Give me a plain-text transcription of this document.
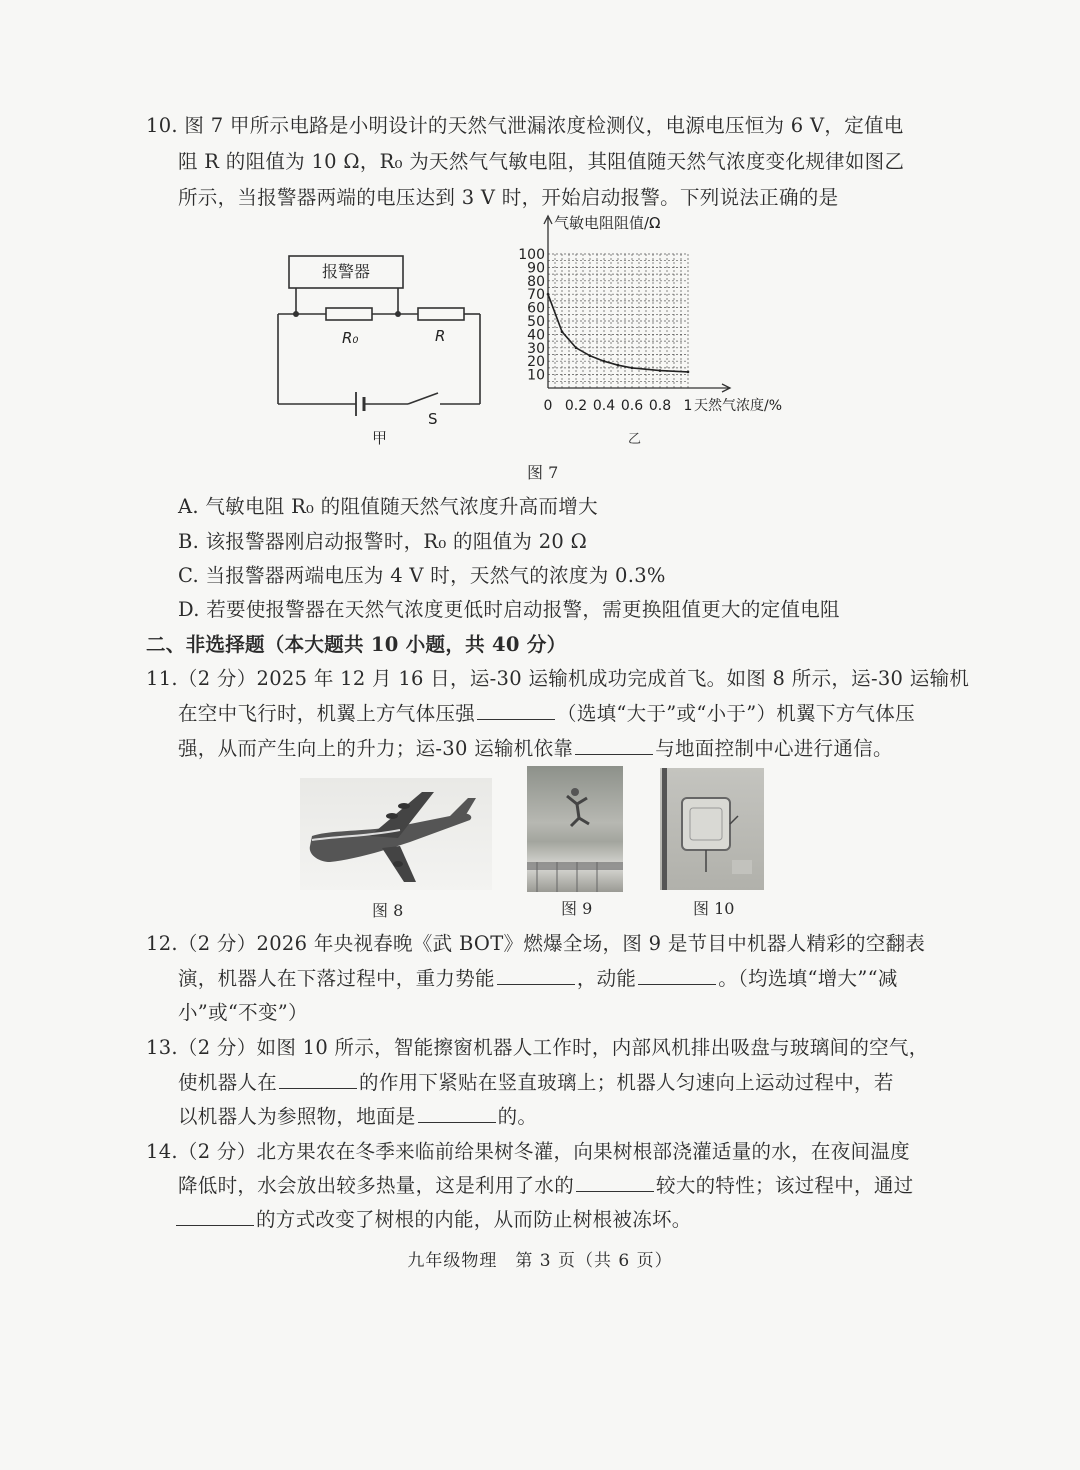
10. 图 7 甲所示电路是小明设计的天然气泄漏浓度检测仪，电源电压恒为 6 V，定值电
阻 R 的阻值为 10 Ω，R₀ 为天然气气敏电阻，其阻值随天然气浓度变化规律如图乙
所示，当报警器两端的电压达到 3 V 时，开始启动报警。下列说法正确的是
报警器
R₀	R
S
甲
10
20
30
40
50
60
70
80
90
100
0 0.2 0.4 0.6 0.8 1
气敏电阻阻值/Ω
天然气浓度/%
乙
图 7
A. 气敏电阻 R₀ 的阻值随天然气浓度升高而增大
B. 该报警器刚启动报警时，R₀ 的阻值为 20 Ω
C. 当报警器两端电压为 4 V 时，天然气的浓度为 0.3%
D. 若要使报警器在天然气浓度更低时启动报警，需更换阻值更大的定值电阻
二、非选择题（本大题共 10 小题，共 40 分）
11.（2 分）2025 年 12 月 16 日，运-30 运输机成功完成首飞。如图 8 所示，运-30 运输机
在空中飞行时，机翼上方气体压强	（选填“大于”或“小于”）机翼下方气体压
强，从而产生向上的升力；运-30 运输机依靠	与地面控制中心进行通信。
图 8	图 9	图 10
12.（2 分）2026 年央视春晚《武 BOT》燃爆全场，图 9 是节目中机器人精彩的空翻表
演，机器人在下落过程中，重力势能	，动能	。（均选填“增大”“减
小”或“不变”）
13.（2 分）如图 10 所示，智能擦窗机器人工作时，内部风机排出吸盘与玻璃间的空气，
使机器人在	的作用下紧贴在竖直玻璃上；机器人匀速向上运动过程中，若
以机器人为参照物，地面是	的。
14.（2 分）北方果农在冬季来临前给果树冬灌，向果树根部浇灌适量的水，在夜间温度
降低时，水会放出较多热量，这是利用了水的	较大的特性；该过程中，通过
的方式改变了树根的内能，从而防止树根被冻坏。
九年级物理　第 3 页（共 6 页）
